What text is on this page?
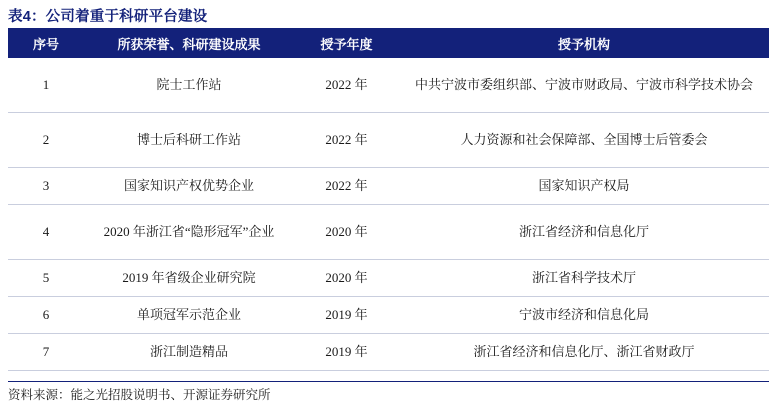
表4：公司着重于科研平台建设
序号	所获荣誉、科研建设成果	授予年度	授予机构
1	院士工作站	2022 年	中共宁波市委组织部、宁波市财政局、宁波市科学技术协会
2	博士后科研工作站	2022 年	人力资源和社会保障部、全国博士后管委会
3	国家知识产权优势企业	2022 年	国家知识产权局
4	2020 年浙江省“隐形冠军”企业	2020 年	浙江省经济和信息化厅
5	2019 年省级企业研究院	2020 年	浙江省科学技术厅
6	单项冠军示范企业	2019 年	宁波市经济和信息化局
7	浙江制造精品	2019 年	浙江省经济和信息化厅、浙江省财政厅
资料来源：能之光招股说明书、开源证券研究所
